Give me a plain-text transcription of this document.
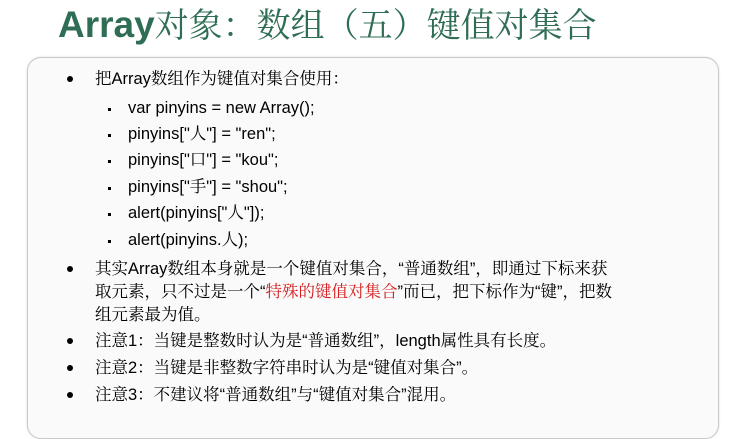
Array对象：数组（五）键值对集合
把Array数组作为键值对集合使用：
var pinyins = new Array();
pinyins["人"] = "ren";
pinyins["口"] = "kou";
pinyins["手"] = "shou";
alert(pinyins["人"]);
alert(pinyins.人);
其实Array数组本身就是一个键值对集合，“普通数组”，即通过下标来获
取元素，只不过是一个“特殊的键值对集合”而已，把下标作为“键”，把数
组元素最为值。
注意1：当键是整数时认为是“普通数组”，length属性具有长度。
注意2：当键是非整数字符串时认为是“键值对集合”。
注意3：不建议将“普通数组”与“键值对集合”混用。
